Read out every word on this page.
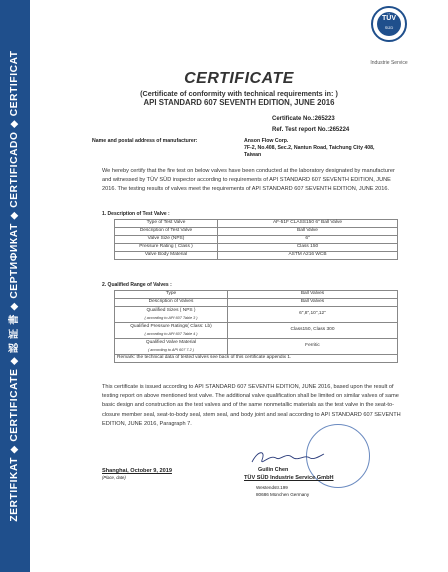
ZERTIFIKAT ◆ CERTIFICATE ◆ 認 証 書 ◆ СЕРТИФИКАТ ◆ CERTIFICADO ◆ CERTIFICAT
TÜV
SÜD
Industrie Service
CERTIFICATE
(Certificate of conformity with technical requirements in: )
API STANDARD 607 SEVENTH EDITION, JUNE 2016
Certificate No.:265223
Ref. Test report No.:265224
Name and postal address of manufacturer:	Anson Flow Corp.
7F-2, No.408, Sec.2, Nantun Road, Taichung City 408,
Taiwan
We hereby certify that the fire test on below valves have been conducted at the laboratory designated by manufacturer and witnessed by TÜV SÜD inspector according to requirements of API STANDARD 607 SEVENTH EDITION, JUNE 2016. The testing results of valves meet the requirements of API STANDARD 607 SEVENTH EDITION, JUNE 2016.
1. Description of Test Valve :
Type of Test Valve	AF-51F CLASS150 6" Ball Valve
Description of Test Valve	Ball Valve
Valve Size (NPS)	6"
Pressure Rating ( Class )	Class 150
Valve Body Material	ASTM A216 WCB
2. Qualified Range of Valves :
Type	Ball Valves
Description of Valves	Ball Valves
Qualified Sizes ( NPS )
( according to API 607 Table 3 )	6",8",10",12"
Qualified Pressure Ratings( Class: Lb)
( according to API 607 Table 4 )	Class150, Class 300
Qualified Valve Material
( according to API 607 7.2 )	Ferritic
Remark: the technical data of tested valves see back of this certificate appendix 1.	
This certificate is issued according to API STANDARD 607 SEVENTH EDITION, JUNE 2016, based upon the result of testing report on above mentioned test valve. The additional valve qualification shall be limited on similar valves of same basic design and construction as the test valves and of the same nonmetallic materials as the test valve in the seat-to-closure member seal, seat-to-body seal, stem seal, and body joint and seal according to API STANDARD 607 SEVENTH EDITION, JUNE 2016, Paragraph 7.
Shanghai, October 9, 2019
(Place, date)
Guilin Chen
TÜV SÜD Industrie Service GmbH
Westendstr.199
80686 München Germany
